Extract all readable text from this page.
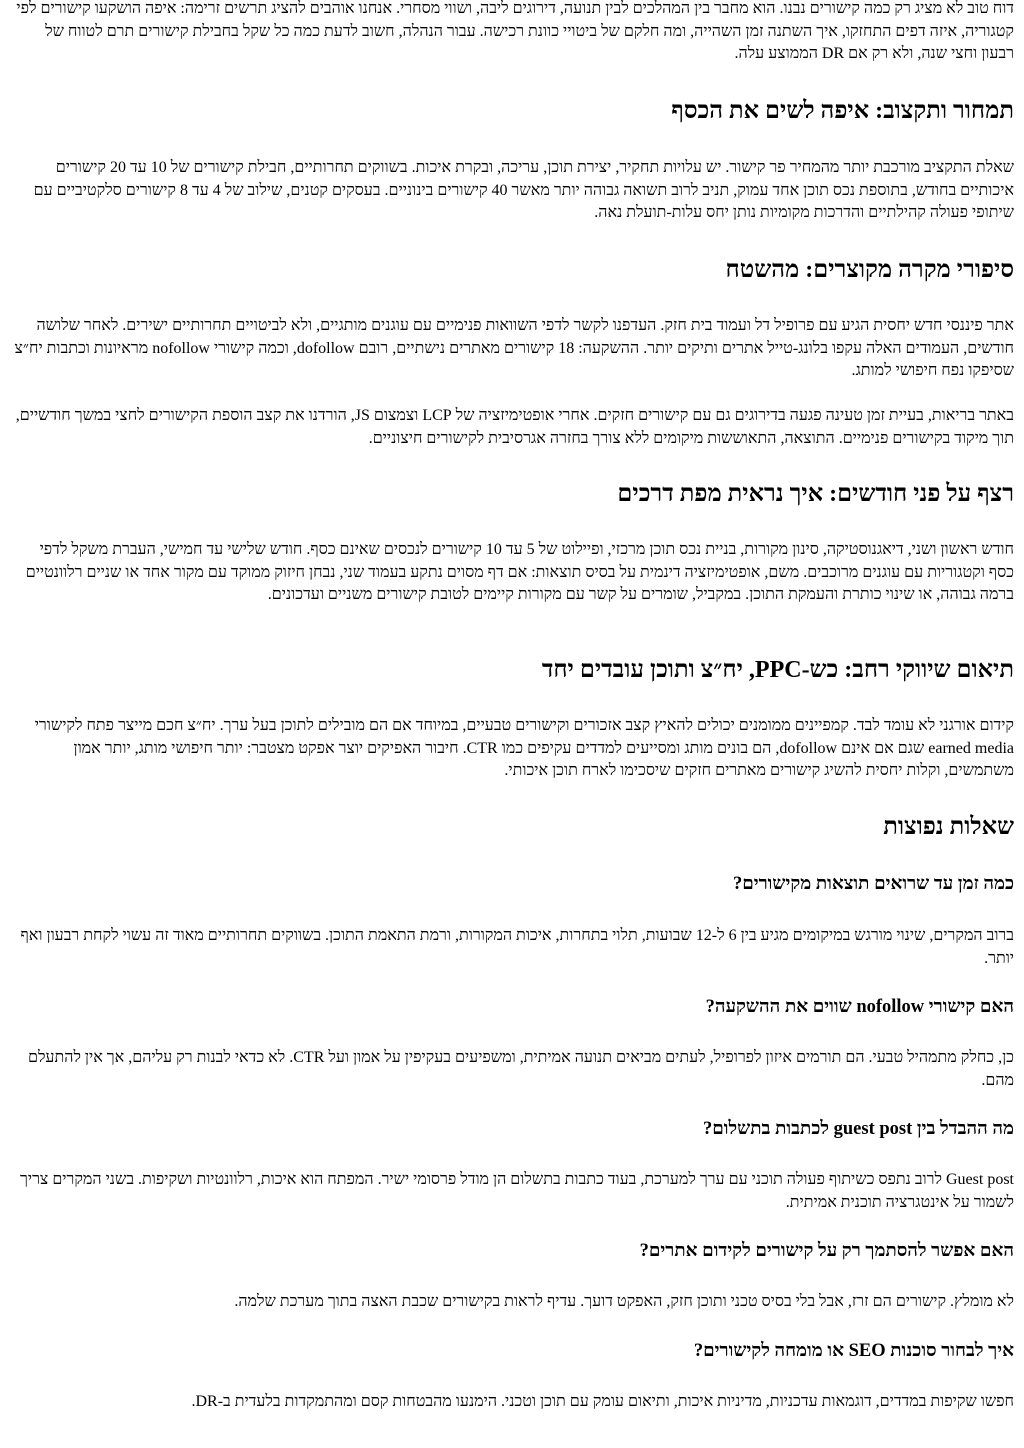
דוח טוב לא מציג רק כמה קישורים נבנו. הוא מחבר בין המהלכים לבין תנועה, דירוגים ליבה, ושווי מסחרי. אנחנו אוהבים להציג תרשים זרימה: איפה הושקעו קישורים לפי קטגוריה, איזה דפים התחזקו, איך השתנה זמן השהייה, ומה חלקם של ביטויי כוונת רכישה. עבור הנהלה, חשוב לדעת כמה כל שקל בחבילת קישורים תרם לטווח של רבעון וחצי שנה, ולא רק אם DR הממוצע עלה.

תמחור ותקצוב: איפה לשים את הכסף

שאלת התקציב מורכבת יותר מהמחיר פר קישור. יש עלויות תחקיר, יצירת תוכן, עריכה, ובקרת איכות. בשווקים תחרותיים, חבילת קישורים של 10 עד 20 קישורים איכותיים בחודש, בתוספת נכס תוכן אחד עמוק, תניב לרוב תשואה גבוהה יותר מאשר 40 קישורים בינוניים. בעסקים קטנים, שילוב של 4 עד 8 קישורים סלקטיביים עם שיתופי פעולה קהילתיים והדרכות מקומיות נותן יחס עלות-תועלת נאה.

סיפורי מקרה מקוצרים: מהשטח

אתר פיננסי חדש יחסית הגיע עם פרופיל דל ועמוד בית חזק. העדפנו לקשר לדפי השוואות פנימיים עם עוגנים מותגיים, ולא לביטויים תחרותיים ישירים. לאחר שלושה חודשים, העמודים האלה עקפו בלונג-טייל אתרים ותיקים יותר. ההשקעה: 18 קישורים מאתרים נישתיים, רובם dofollow, וכמה קישורי nofollow מראיונות וכתבות יח״צ שסיפקו נפח חיפושי למותג.

באתר בריאות, בעיית זמן טעינה פגעה בדירוגים גם עם קישורים חזקים. אחרי אופטימיזציה של LCP וצמצום JS, הורדנו את קצב הוספת הקישורים לחצי במשך חודשיים, תוך מיקוד בקישורים פנימיים. התוצאה, התאוששות מיקומים ללא צורך בחזרה אגרסיבית לקישורים חיצוניים.

רצף על פני חודשים: איך נראית מפת דרכים

חודש ראשון ושני, דיאגנוסטיקה, סינון מקורות, בניית נכס תוכן מרכזי, ופיילוט של 5 עד 10 קישורים לנכסים שאינם כסף. חודש שלישי עד חמישי, העברת משקל לדפי כסף וקטגוריות עם עוגנים מרוכבים. משם, אופטימיזציה דינמית על בסיס תוצאות: אם דף מסוים נתקע בעמוד שני, נבחן חיזוק ממוקד עם מקור אחד או שניים רלוונטיים ברמה גבוהה, או שינוי כותרת והעמקת התוכן. במקביל, שומרים על קשר עם מקורות קיימים לטובת קישורים משניים ועדכונים.

תיאום שיווקי רחב: כש-PPC, יח״צ ותוכן עובדים יחד

קידום אורגני לא עומד לבד. קמפיינים ממומנים יכולים להאיץ קצב אזכורים וקישורים טבעיים, במיוחד אם הם מובילים לתוכן בעל ערך. יח״צ חכם מייצר פתח לקישורי earned media שגם אם אינם dofollow, הם בונים מותג ומסייעים למדדים עקיפים כמו CTR. חיבור האפיקים יוצר אפקט מצטבר: יותר חיפושי מותג, יותר אמון משתמשים, וקלות יחסית להשיג קישורים מאתרים חזקים שיסכימו לארח תוכן איכותי.

שאלות נפוצות
כמה זמן עד שרואים תוצאות מקישורים?

ברוב המקרים, שינוי מורגש במיקומים מגיע בין 6 ל-12 שבועות, תלוי בתחרות, איכות המקורות, ורמת התאמת התוכן. בשווקים תחרותיים מאוד זה עשוי לקחת רבעון ואף יותר.

האם קישורי nofollow שווים את ההשקעה?

כן, כחלק מתמהיל טבעי. הם תורמים איזון לפרופיל, לעתים מביאים תנועה אמיתית, ומשפיעים בעקיפין על אמון ועל CTR. לא כדאי לבנות רק עליהם, אך אין להתעלם מהם.

מה ההבדל בין guest post לכתבות בתשלום?

Guest post לרוב נתפס כשיתוף פעולה תוכני עם ערך למערכת, בעוד כתבות בתשלום הן מודל פרסומי ישיר. המפתח הוא איכות, רלוונטיות ושקיפות. בשני המקרים צריך לשמור על אינטגרציה תוכנית אמיתית.

האם אפשר להסתמך רק על קישורים לקידום אתרים?

לא מומלץ. קישורים הם זרז, אבל בלי בסיס טכני ותוכן חזק, האפקט דועך. עדיף לראות בקישורים שכבת האצה בתוך מערכת שלמה.

איך לבחור סוכנות SEO או מומחה לקישורים?

חפשו שקיפות במדדים, דוגמאות עדכניות, מדיניות איכות, ותיאום עומק עם תוכן וטכני. הימנעו מהבטחות קסם ומהתמקדות בלעדית ב-DR.
